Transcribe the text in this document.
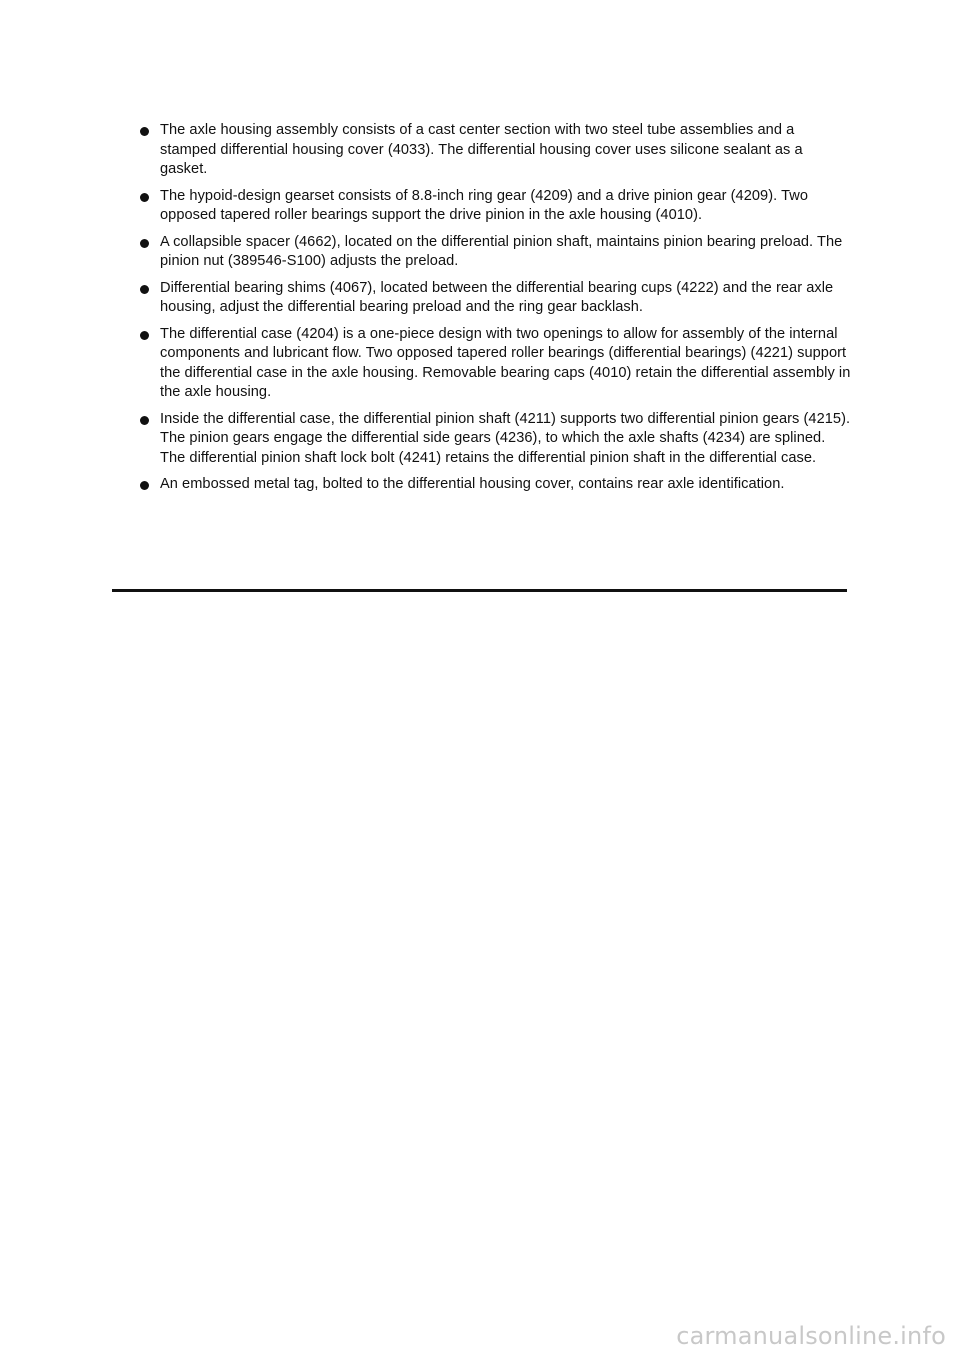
The axle housing assembly consists of a cast center section with two steel tube assemblies and a stamped differential housing cover (4033). The differential housing cover uses silicone sealant as a gasket.
The hypoid-design gearset consists of 8.8-inch ring gear (4209) and a drive pinion gear (4209). Two opposed tapered roller bearings support the drive pinion in the axle housing (4010).
A collapsible spacer (4662), located on the differential pinion shaft, maintains pinion bearing preload. The pinion nut (389546-S100) adjusts the preload.
Differential bearing shims (4067), located between the differential bearing cups (4222) and the rear axle housing, adjust the differential bearing preload and the ring gear backlash.
The differential case (4204) is a one-piece design with two openings to allow for assembly of the internal components and lubricant flow. Two opposed tapered roller bearings (differential bearings) (4221) support the differential case in the axle housing. Removable bearing caps (4010) retain the differential assembly in the axle housing.
Inside the differential case, the differential pinion shaft (4211) supports two differential pinion gears (4215). The pinion gears engage the differential side gears (4236), to which the axle shafts (4234) are splined. The differential pinion shaft lock bolt (4241) retains the differential pinion shaft in the differential case.
An embossed metal tag, bolted to the differential housing cover, contains rear axle identification.
carmanualsonline.info
